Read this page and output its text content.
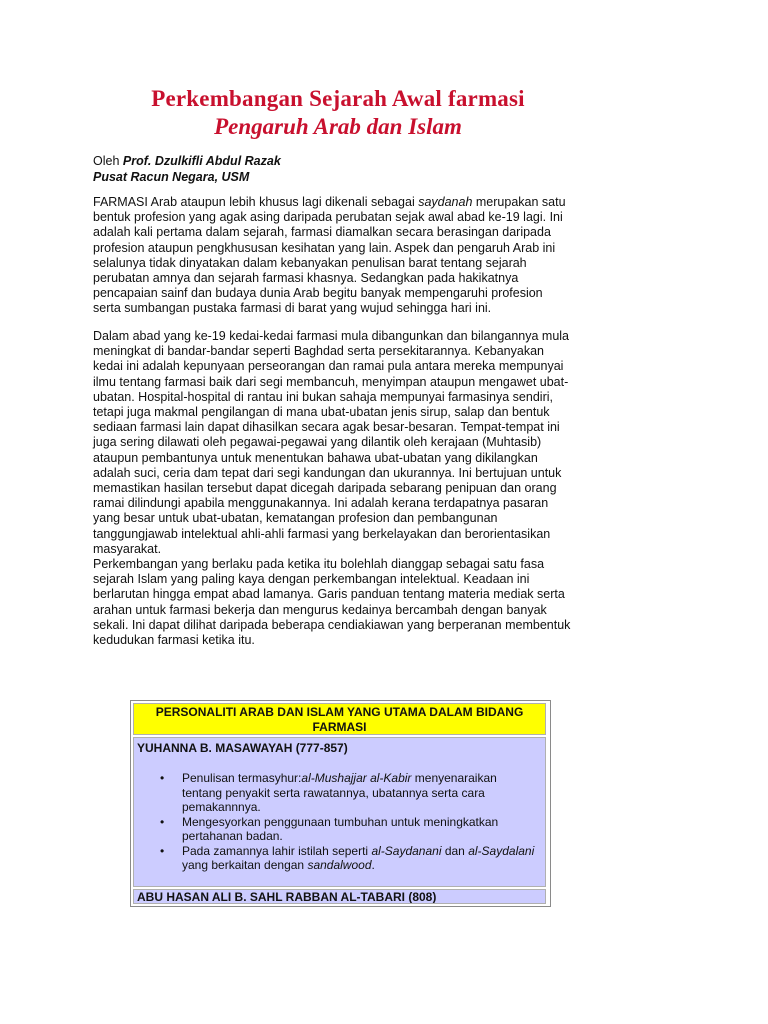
Perkembangan Sejarah Awal farmasi
Pengaruh Arab dan Islam
Oleh Prof. Dzulkifli Abdul Razak
Pusat Racun Negara, USM
FARMASI Arab ataupun lebih khusus lagi dikenali sebagai saydanah merupakan satu
bentuk profesion yang agak asing daripada perubatan sejak awal abad ke-19 lagi. Ini
adalah kali pertama dalam sejarah, farmasi diamalkan secara berasingan daripada
profesion ataupun pengkhususan kesihatan yang lain. Aspek dan pengaruh Arab ini
selalunya tidak dinyatakan dalam kebanyakan penulisan barat tentang sejarah
perubatan amnya dan sejarah farmasi khasnya. Sedangkan pada hakikatnya
pencapaian sainf dan budaya dunia Arab begitu banyak mempengaruhi profesion
serta sumbangan pustaka farmasi di barat yang wujud sehingga hari ini.
Dalam abad yang ke-19 kedai-kedai farmasi mula dibangunkan dan bilangannya mula
meningkat di bandar-bandar seperti Baghdad serta persekitarannya. Kebanyakan
kedai ini adalah kepunyaan perseorangan dan ramai pula antara mereka mempunyai
ilmu tentang farmasi baik dari segi membancuh, menyimpan ataupun mengawet ubat-
ubatan. Hospital-hospital di rantau ini bukan sahaja mempunyai farmasinya sendiri,
tetapi juga makmal pengilangan di mana ubat-ubatan jenis sirup, salap dan bentuk
sediaan farmasi lain dapat dihasilkan secara agak besar-besaran. Tempat-tempat ini
juga sering dilawati oleh pegawai-pegawai yang dilantik oleh kerajaan (Muhtasib)
ataupun pembantunya untuk menentukan bahawa ubat-ubatan yang dikilangkan
adalah suci, ceria dam tepat dari segi kandungan dan ukurannya. Ini bertujuan untuk
memastikan hasilan tersebut dapat dicegah daripada sebarang penipuan dan orang
ramai dilindungi apabila menggunakannya. Ini adalah kerana terdapatnya pasaran
yang besar untuk ubat-ubatan, kematangan profesion dan pembangunan
tanggungjawab intelektual ahli-ahli farmasi yang berkelayakan dan berorientasikan
masyarakat.
Perkembangan yang berlaku pada ketika itu bolehlah dianggap sebagai satu fasa
sejarah Islam yang paling kaya dengan perkembangan intelektual. Keadaan ini
berlarutan hingga empat abad lamanya. Garis panduan tentang materia mediak serta
arahan untuk farmasi bekerja dan mengurus kedainya bercambah dengan banyak
sekali. Ini dapat dilihat daripada beberapa cendiakiawan yang berperanan membentuk
kedudukan farmasi ketika itu.
PERSONALITI ARAB DAN ISLAM YANG UTAMA DALAM BIDANG FARMASI
YUHANNA B. MASAWAYAH (777-857)
• Penulisan termasyhur:al-Mushajjar al-Kabir menyenaraikan tentang penyakit serta rawatannya, ubatannya serta cara pemakannnya.
• Mengesyorkan penggunaan tumbuhan untuk meningkatkan pertahanan badan.
• Pada zamannya lahir istilah seperti al-Saydanani dan al-Saydalani yang berkaitan dengan sandalwood.
ABU HASAN ALI B. SAHL RABBAN AL-TABARI (808)
